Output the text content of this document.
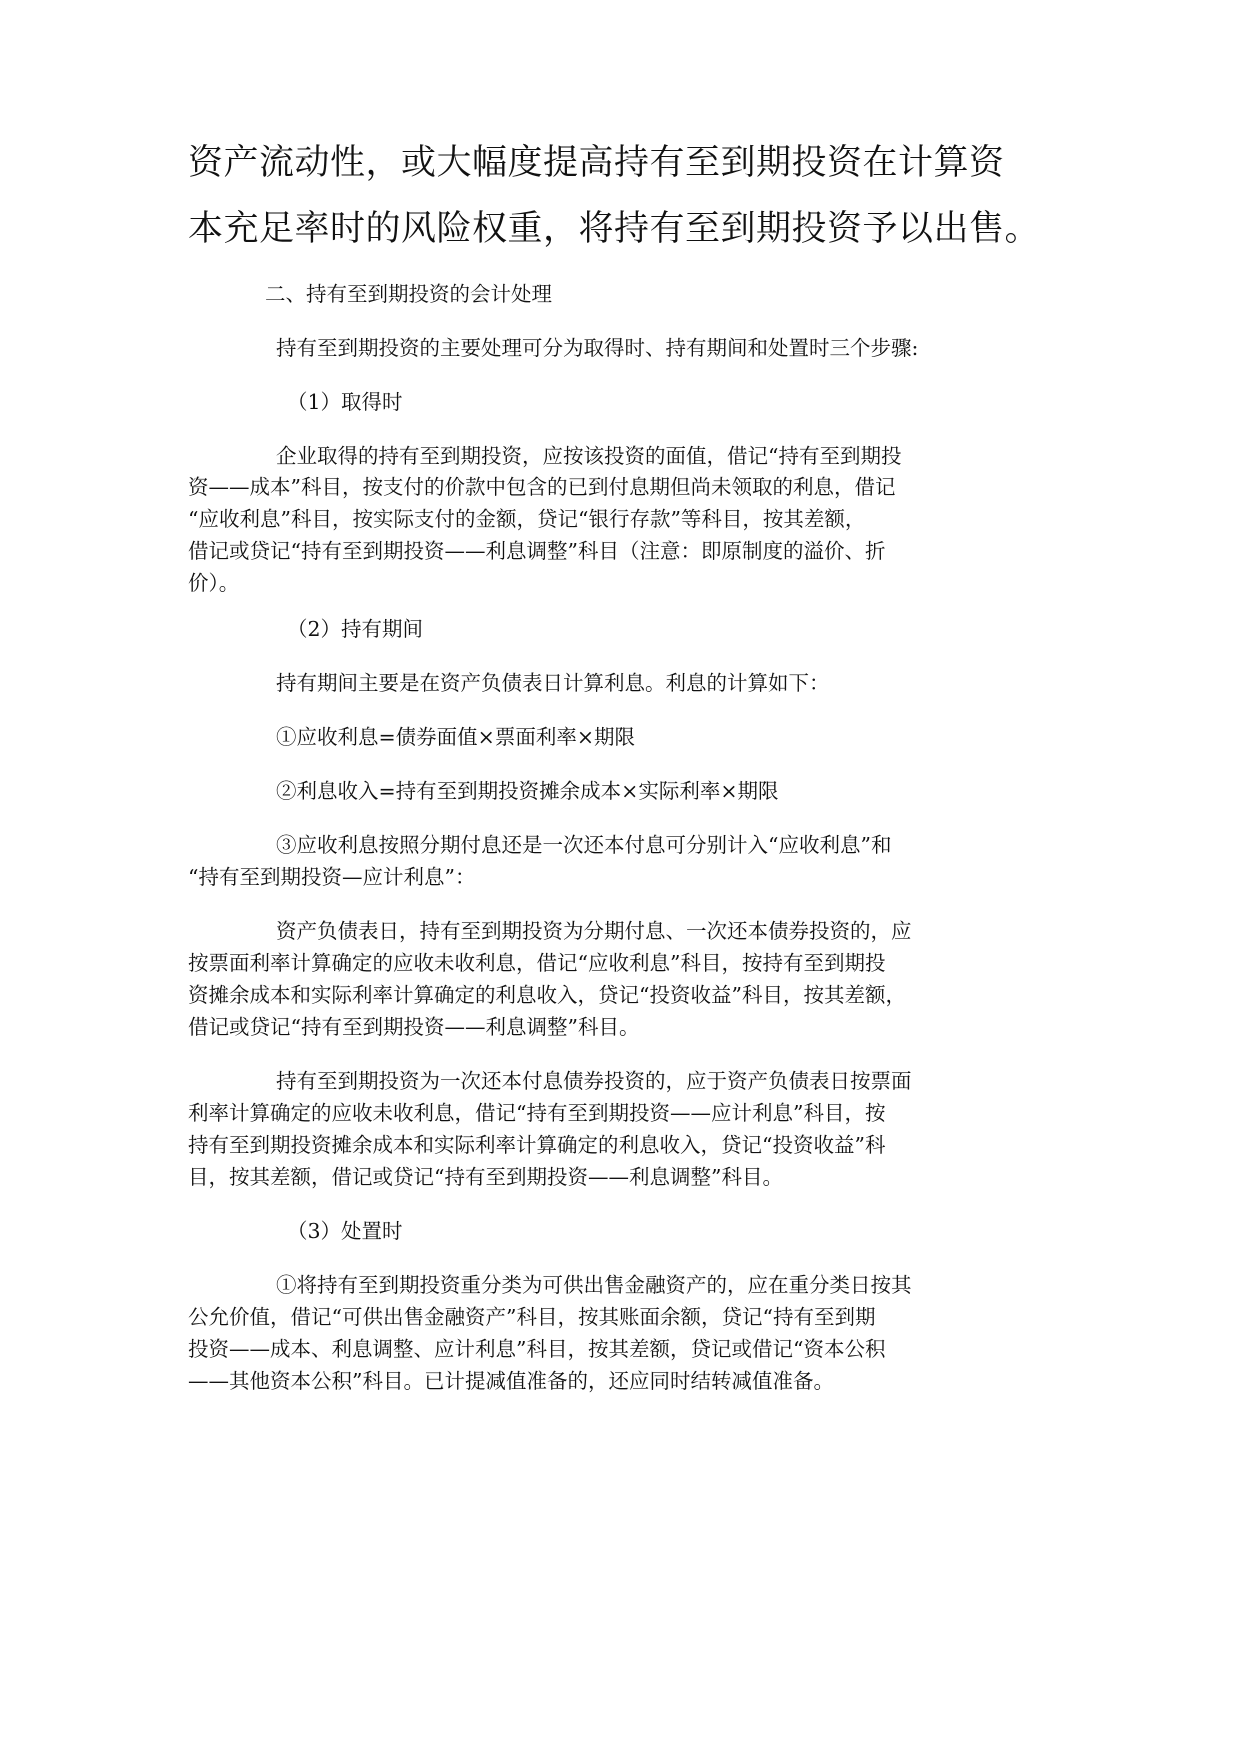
资产流动性，或大幅度提高持有至到期投资在计算资
本充足率时的风险权重，将持有至到期投资予以出售。
二、持有至到期投资的会计处理
持有至到期投资的主要处理可分为取得时、持有期间和处置时三个步骤:
（1）取得时
企业取得的持有至到期投资，应按该投资的面值，借记“持有至到期投
资——成本”科目，按支付的价款中包含的已到付息期但尚未领取的利息，借记
“应收利息”科目，按实际支付的金额，贷记“银行存款”等科目，按其差额，
借记或贷记“持有至到期投资——利息调整”科目（注意：即原制度的溢价、折
价）。
（2）持有期间
持有期间主要是在资产负债表日计算利息。利息的计算如下：
①应收利息=债券面值×票面利率×期限
②利息收入=持有至到期投资摊余成本×实际利率×期限
③应收利息按照分期付息还是一次还本付息可分别计入“应收利息”和
“持有至到期投资—应计利息”：
资产负债表日，持有至到期投资为分期付息、一次还本债券投资的，应
按票面利率计算确定的应收未收利息，借记“应收利息”科目，按持有至到期投
资摊余成本和实际利率计算确定的利息收入，贷记“投资收益”科目，按其差额，
借记或贷记“持有至到期投资——利息调整”科目。
持有至到期投资为一次还本付息债券投资的，应于资产负债表日按票面
利率计算确定的应收未收利息，借记“持有至到期投资——应计利息”科目，按
持有至到期投资摊余成本和实际利率计算确定的利息收入，贷记“投资收益”科
目，按其差额，借记或贷记“持有至到期投资——利息调整”科目。
（3）处置时
①将持有至到期投资重分类为可供出售金融资产的，应在重分类日按其
公允价值，借记“可供出售金融资产”科目，按其账面余额，贷记“持有至到期
投资——成本、利息调整、应计利息”科目，按其差额，贷记或借记“资本公积
——其他资本公积”科目。已计提减值准备的，还应同时结转减值准备。
